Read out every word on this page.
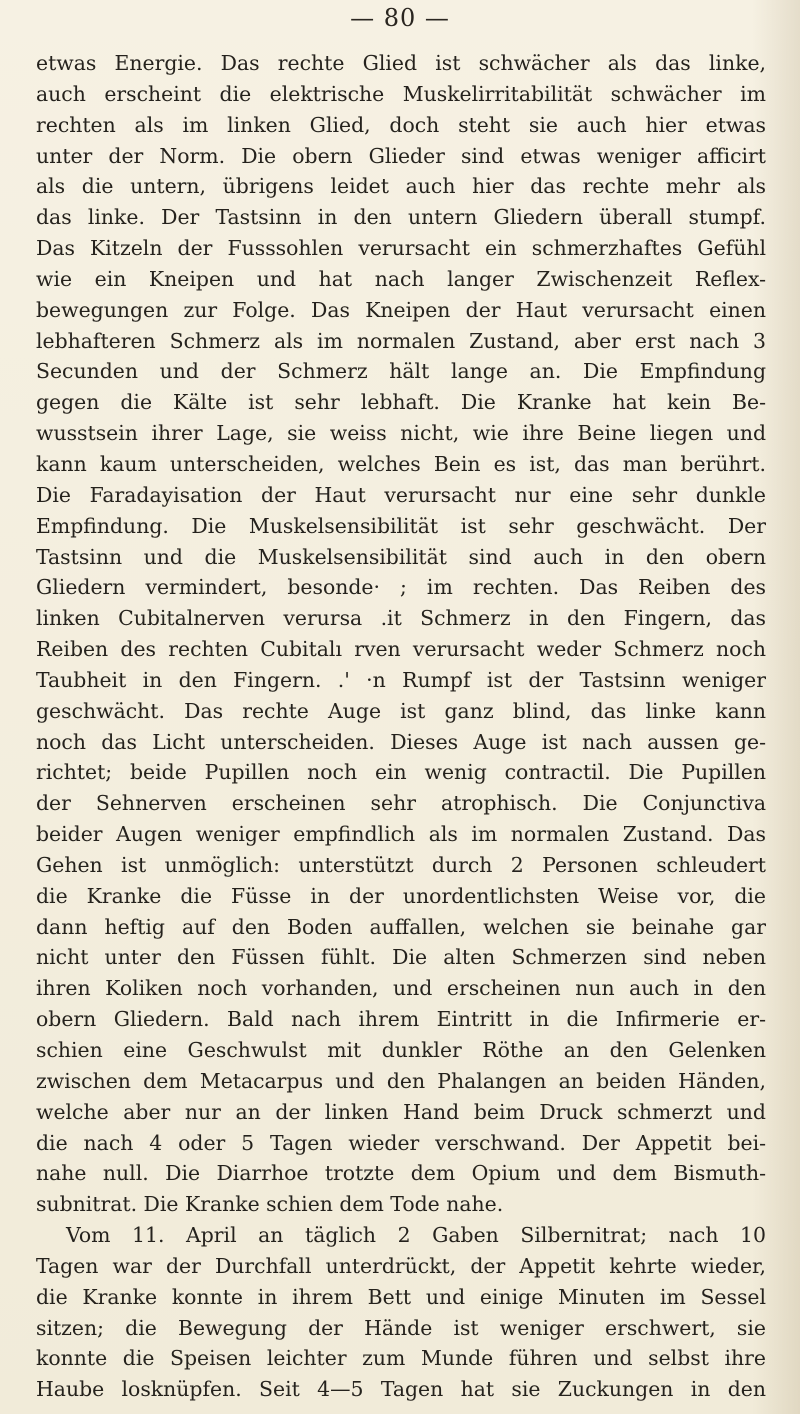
— 80 —
etwas Energie. Das rechte Glied ist schwächer als das linke,
auch erscheint die elektrische Muskelirritabilität schwächer im
rechten als im linken Glied, doch steht sie auch hier etwas
unter der Norm. Die obern Glieder sind etwas weniger afficirt
als die untern, übrigens leidet auch hier das rechte mehr als
das linke. Der Tastsinn in den untern Gliedern überall stumpf.
Das Kitzeln der Fusssohlen verursacht ein schmerzhaftes Gefühl
wie ein Kneipen und hat nach langer Zwischenzeit Reflex-
bewegungen zur Folge. Das Kneipen der Haut verursacht einen
lebhafteren Schmerz als im normalen Zustand, aber erst nach 3
Secunden und der Schmerz hält lange an. Die Empfindung
gegen die Kälte ist sehr lebhaft. Die Kranke hat kein Be-
wusstsein ihrer Lage, sie weiss nicht, wie ihre Beine liegen und
kann kaum unterscheiden, welches Bein es ist, das man berührt.
Die Faradayisation der Haut verursacht nur eine sehr dunkle
Empfindung. Die Muskelsensibilität ist sehr geschwächt. Der
Tastsinn und die Muskelsensibilität sind auch in den obern
Gliedern vermindert, besonde· ; im rechten. Das Reiben des
linken Cubitalnerven verursa .it Schmerz in den Fingern, das
Reiben des rechten Cubitalı rven verursacht weder Schmerz noch
Taubheit in den Fingern. .' ·n Rumpf ist der Tastsinn weniger
geschwächt. Das rechte Auge ist ganz blind, das linke kann
noch das Licht unterscheiden. Dieses Auge ist nach aussen ge-
richtet; beide Pupillen noch ein wenig contractil. Die Pupillen
der Sehnerven erscheinen sehr atrophisch. Die Conjunctiva
beider Augen weniger empfindlich als im normalen Zustand. Das
Gehen ist unmöglich: unterstützt durch 2 Personen schleudert
die Kranke die Füsse in der unordentlichsten Weise vor, die
dann heftig auf den Boden auffallen, welchen sie beinahe gar
nicht unter den Füssen fühlt. Die alten Schmerzen sind neben
ihren Koliken noch vorhanden, und erscheinen nun auch in den
obern Gliedern. Bald nach ihrem Eintritt in die Infirmerie er-
schien eine Geschwulst mit dunkler Röthe an den Gelenken
zwischen dem Metacarpus und den Phalangen an beiden Händen,
welche aber nur an der linken Hand beim Druck schmerzt und
die nach 4 oder 5 Tagen wieder verschwand. Der Appetit bei-
nahe null. Die Diarrhoe trotzte dem Opium und dem Bismuth-
subnitrat. Die Kranke schien dem Tode nahe.
Vom 11. April an täglich 2 Gaben Silbernitrat; nach 10
Tagen war der Durchfall unterdrückt, der Appetit kehrte wieder,
die Kranke konnte in ihrem Bett und einige Minuten im Sessel
sitzen; die Bewegung der Hände ist weniger erschwert, sie
konnte die Speisen leichter zum Munde führen und selbst ihre
Haube losknüpfen. Seit 4—5 Tagen hat sie Zuckungen in den
